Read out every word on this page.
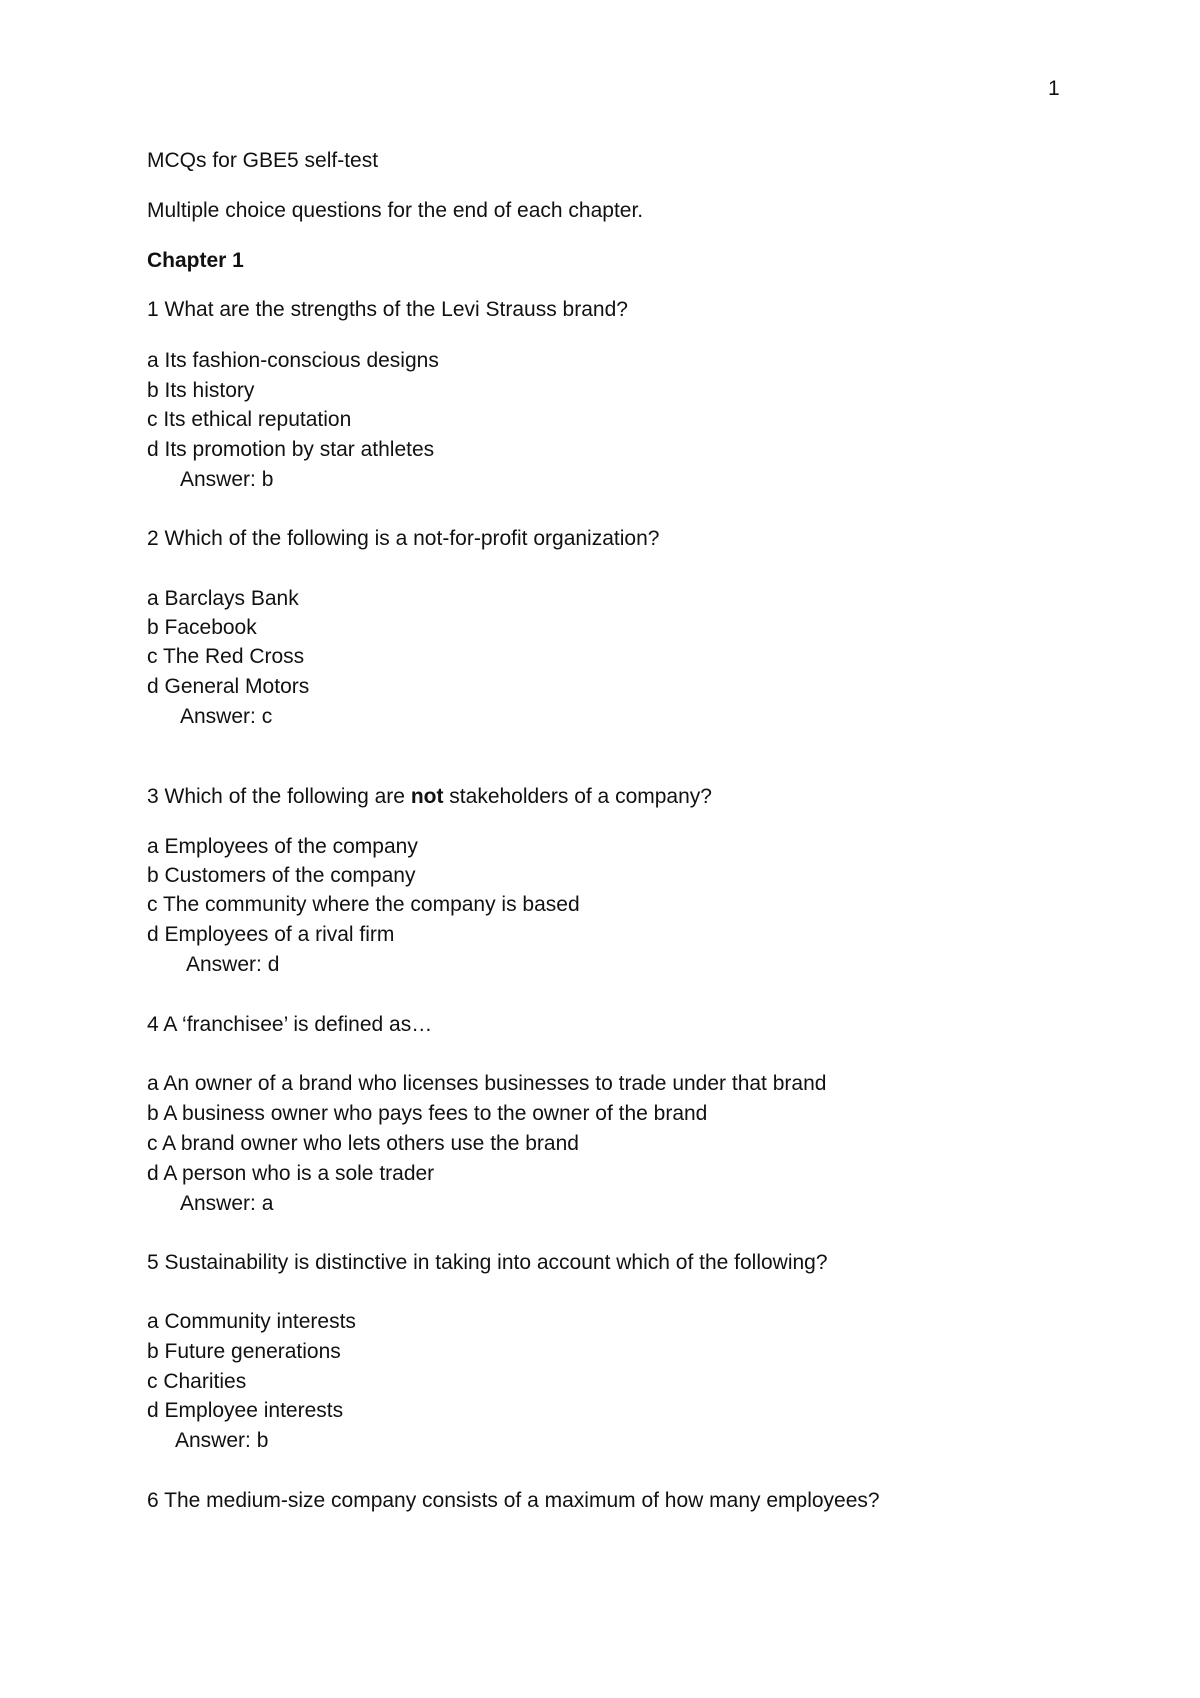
1
MCQs for GBE5 self-test
Multiple choice questions for the end of each chapter.
Chapter 1
1 What are the strengths of the Levi Strauss brand?
a Its fashion-conscious designs
b Its history
c Its ethical reputation
d Its promotion by star athletes
Answer: b
2 Which of the following is a not-for-profit organization?
a Barclays Bank
b Facebook
c The Red Cross
d General Motors
Answer: c
3 Which of the following are not stakeholders of a company?
a Employees of the company
b Customers of the company
c The community where the company is based
d Employees of a rival firm
Answer: d
4 A ‘franchisee’ is defined as…
a An owner of a brand who licenses businesses to trade under that brand
b A business owner who pays fees to the owner of the brand
c A brand owner who lets others use the brand
d A person who is a sole trader
Answer: a
5 Sustainability is distinctive in taking into account which of the following?
a Community interests
b Future generations
c Charities
d Employee interests
Answer: b
6 The medium-size company consists of a maximum of how many employees?
